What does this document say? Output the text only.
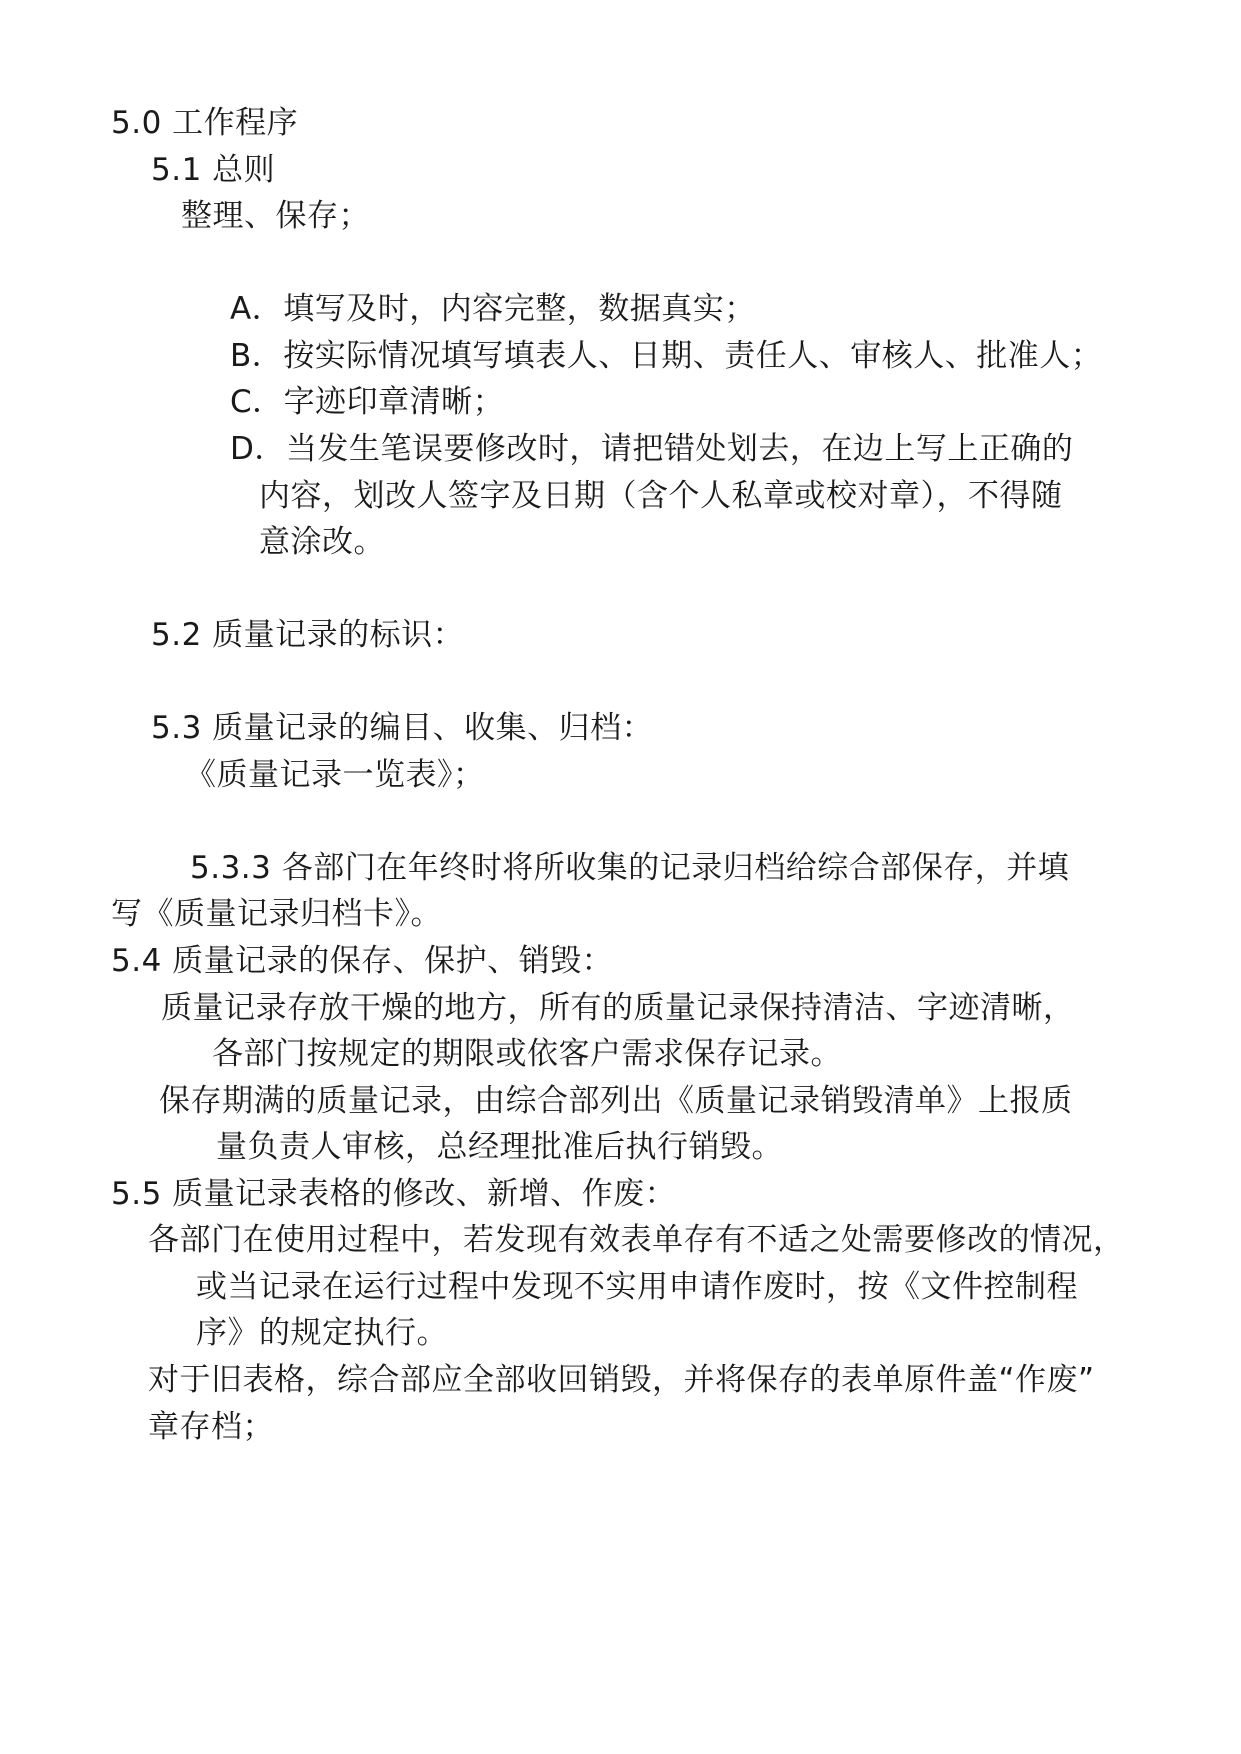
5.0 工作程序
5.1 总则
整理、保存；
A．填写及时，内容完整，数据真实；
B．按实际情况填写填表人、日期、责任人、审核人、批准人；
C．字迹印章清晰；
D．当发生笔误要修改时，请把错处划去，在边上写上正确的
内容，划改人签字及日期（含个人私章或校对章），不得随
意涂改。
5.2 质量记录的标识：
5.3 质量记录的编目、收集、归档：
《质量记录一览表》；
5.3.3 各部门在年终时将所收集的记录归档给综合部保存，并填
写《质量记录归档卡》。
5.4 质量记录的保存、保护、销毁：
质量记录存放干燥的地方，所有的质量记录保持清洁、字迹清晰，
各部门按规定的期限或依客户需求保存记录。
保存期满的质量记录，由综合部列出《质量记录销毁清单》上报质
量负责人审核，总经理批准后执行销毁。
5.5 质量记录表格的修改、新增、作废：
各部门在使用过程中，若发现有效表单存有不适之处需要修改的情况，
或当记录在运行过程中发现不实用申请作废时，按《文件控制程
序》的规定执行。
对于旧表格，综合部应全部收回销毁，并将保存的表单原件盖“作废”
章存档；
